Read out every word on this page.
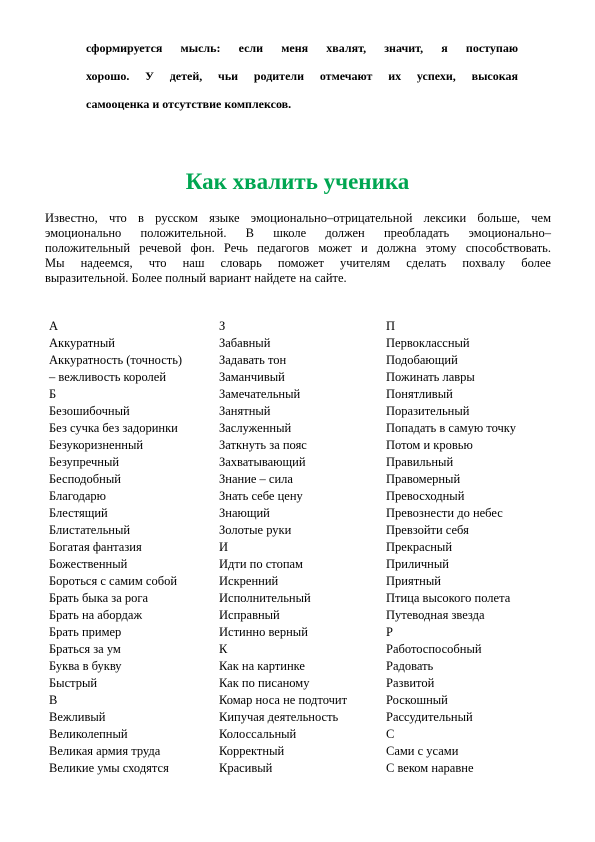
сформируется мысль: если меня хвалят, значит, я поступаю
хорошо. У детей, чьи родители отмечают их успехи, высокая
самооценка и отсутствие комплексов.
Как хвалить ученика
Известно, что в русском языке эмоционально–отрицательной лексики больше, чем
эмоционально положительной. В школе должен преобладать эмоционально–
положительный речевой фон. Речь педагогов может и должна этому способствовать.
Мы надеемся, что наш словарь поможет учителям сделать похвалу более
выразительной. Более полный вариант найдете на сайте.
А
Аккуратный
Аккуратность (точность)
– вежливость королей
Б
Безошибочный
Без сучка без задоринки
Безукоризненный
Безупречный
Бесподобный
Благодарю
Блестящий
Блистательный
Богатая фантазия
Божественный
Бороться с самим собой
Брать быка за рога
Брать на абордаж
Брать пример
Браться за ум
Буква в букву
Быстрый
В
Вежливый
Великолепный
Великая армия труда
Великие умы сходятся
З
Забавный
Задавать тон
Заманчивый
Замечательный
Занятный
Заслуженный
Заткнуть за пояс
Захватывающий
Знание – сила
Знать себе цену
Знающий
Золотые руки
И
Идти по стопам
Искренний
Исполнительный
Исправный
Истинно верный
К
Как на картинке
Как по писаному
Комар носа не подточит
Кипучая деятельность
Колоссальный
Корректный
Красивый
П
Первоклассный
Подобающий
Пожинать лавры
Понятливый
Поразительный
Попадать в самую точку
Потом и кровью
Правильный
Правомерный
Превосходный
Превознести до небес
Превзойти себя
Прекрасный
Приличный
Приятный
Птица высокого полета
Путеводная звезда
Р
Работоспособный
Радовать
Развитой
Роскошный
Рассудительный
С
Сами с усами
С веком наравне
